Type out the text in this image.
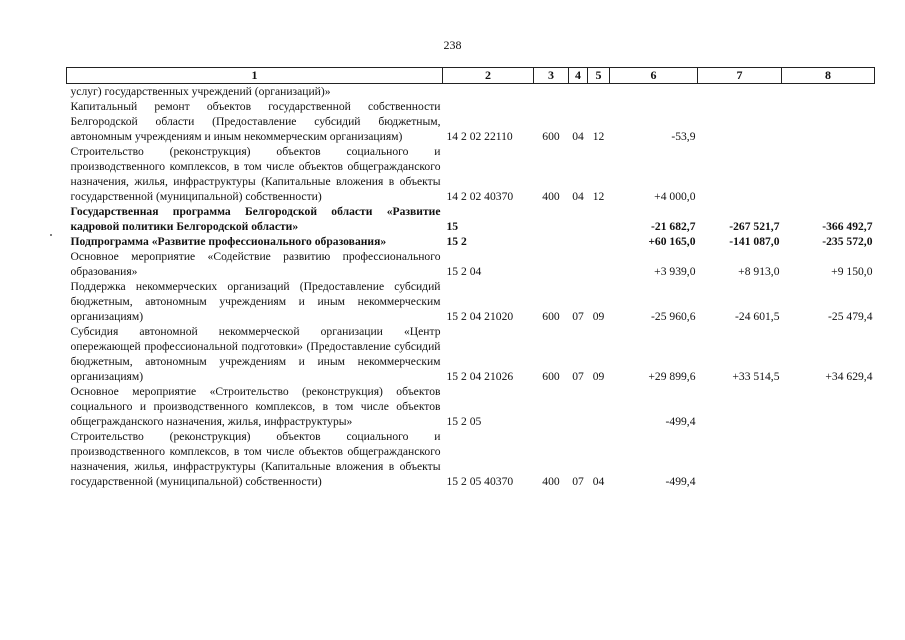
238
1	2	3	4	5	6	7	8
услуг) государственных учреждений (организаций)»							
Капитальный ремонт объектов государственной собственности Белгородской области (Предоставление субсидий бюджетным, автономным учреждениям и иным некоммерческим организациям)	14 2 02 22110	600	04	12	-53,9		
Строительство (реконструкция) объектов социального и производственного комплексов, в том числе объектов общегражданского назначения, жилья, инфраструктуры (Капитальные вложения в объекты государственной (муниципальной) собственности)	14 2 02 40370	400	04	12	+4 000,0		
Государственная программа Белгородской области «Развитие кадровой политики Белгородской области»	15				-21 682,7	-267 521,7	-366 492,7
Подпрограмма «Развитие профессионального образования»	15 2				+60 165,0	-141 087,0	-235 572,0
Основное мероприятие «Содействие развитию профессионального образования»	15 2 04				+3 939,0	+8 913,0	+9 150,0
Поддержка некоммерческих организаций (Предоставление субсидий бюджетным, автономным учреждениям и иным некоммерческим организациям)	15 2 04 21020	600	07	09	-25 960,6	-24 601,5	-25 479,4
Субсидия автономной некоммерческой организации «Центр опережающей профессиональной подготовки» (Предоставление субсидий бюджетным, автономным учреждениям и иным некоммерческим организациям)	15 2 04 21026	600	07	09	+29 899,6	+33 514,5	+34 629,4
Основное мероприятие «Строительство (реконструкция) объектов социального и производственного комплексов, в том числе объектов общегражданского назначения, жилья, инфраструктуры»	15 2 05				-499,4		
Строительство (реконструкция) объектов социального и производственного комплексов, в том числе объектов общегражданского назначения, жилья, инфраструктуры (Капитальные вложения в объекты государственной (муниципальной) собственности)	15 2 05 40370	400	07	04	-499,4		
